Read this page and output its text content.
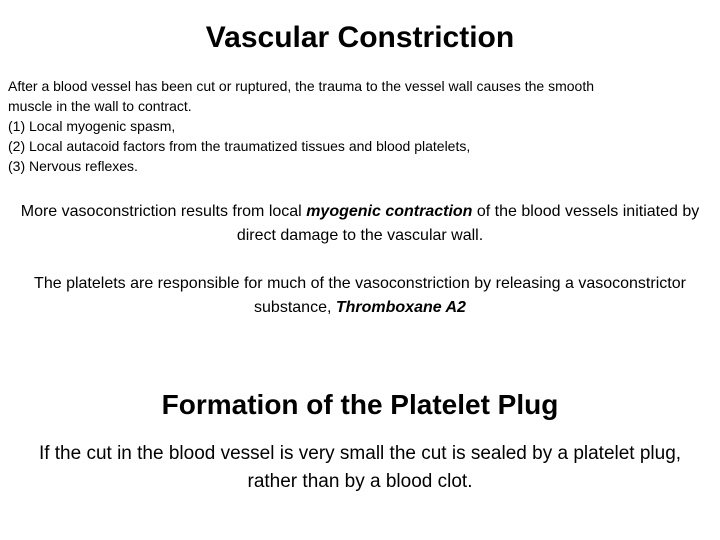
Vascular Constriction
After a blood vessel has been cut or ruptured, the trauma to the vessel wall causes the smooth
muscle in the wall to contract.
(1) Local myogenic spasm,
(2) Local autacoid factors from the traumatized tissues and blood platelets,
(3) Nervous reflexes.
More vasoconstriction results from local myogenic contraction of the blood vessels initiated by direct damage to the vascular wall.
The platelets are responsible for much of the vasoconstriction by releasing a vasoconstrictor substance, Thromboxane A2
Formation of the Platelet Plug
If the cut in the blood vessel is very small the cut is sealed by a platelet plug, rather than by a blood clot.
